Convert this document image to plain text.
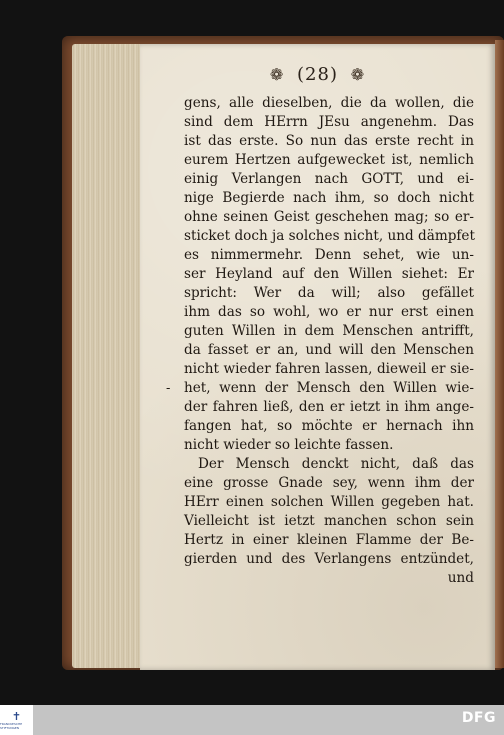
❁ (28) ❁
gens, alle dieselben, die da wollen, die
sind dem HErrn JEsu angenehm. Das
ist das erste. So nun das erste recht in
eurem Hertzen aufgewecket ist, nemlich
einig Verlangen nach GOTT, und ei-
nige Begierde nach ihm, so doch nicht
ohne seinen Geist geschehen mag; so er-
sticket doch ja solches nicht, und dämpfet
es nimmermehr. Denn sehet, wie un-
ser Heyland auf den Willen siehet: Er
spricht: Wer da will; also gefället
ihm das so wohl, wo er nur erst einen
guten Willen in dem Menschen antrifft,
da fasset er an, und will den Menschen
nicht wieder fahren lassen, dieweil er sie-
- het, wenn der Mensch den Willen wie-
der fahren ließ, den er ietzt in ihm ange-
fangen hat, so möchte er hernach ihn
nicht wieder so leichte fassen.
Der Mensch denckt nicht, daß das
eine grosse Gnade sey, wenn ihm der
HErr einen solchen Willen gegeben hat.
Vielleicht ist ietzt manchen schon sein
Hertz in einer kleinen Flamme der Be-
gierden und des Verlangens entzündet,
und
✝
FRANCKESCHE STIFTUNGEN
DFG
